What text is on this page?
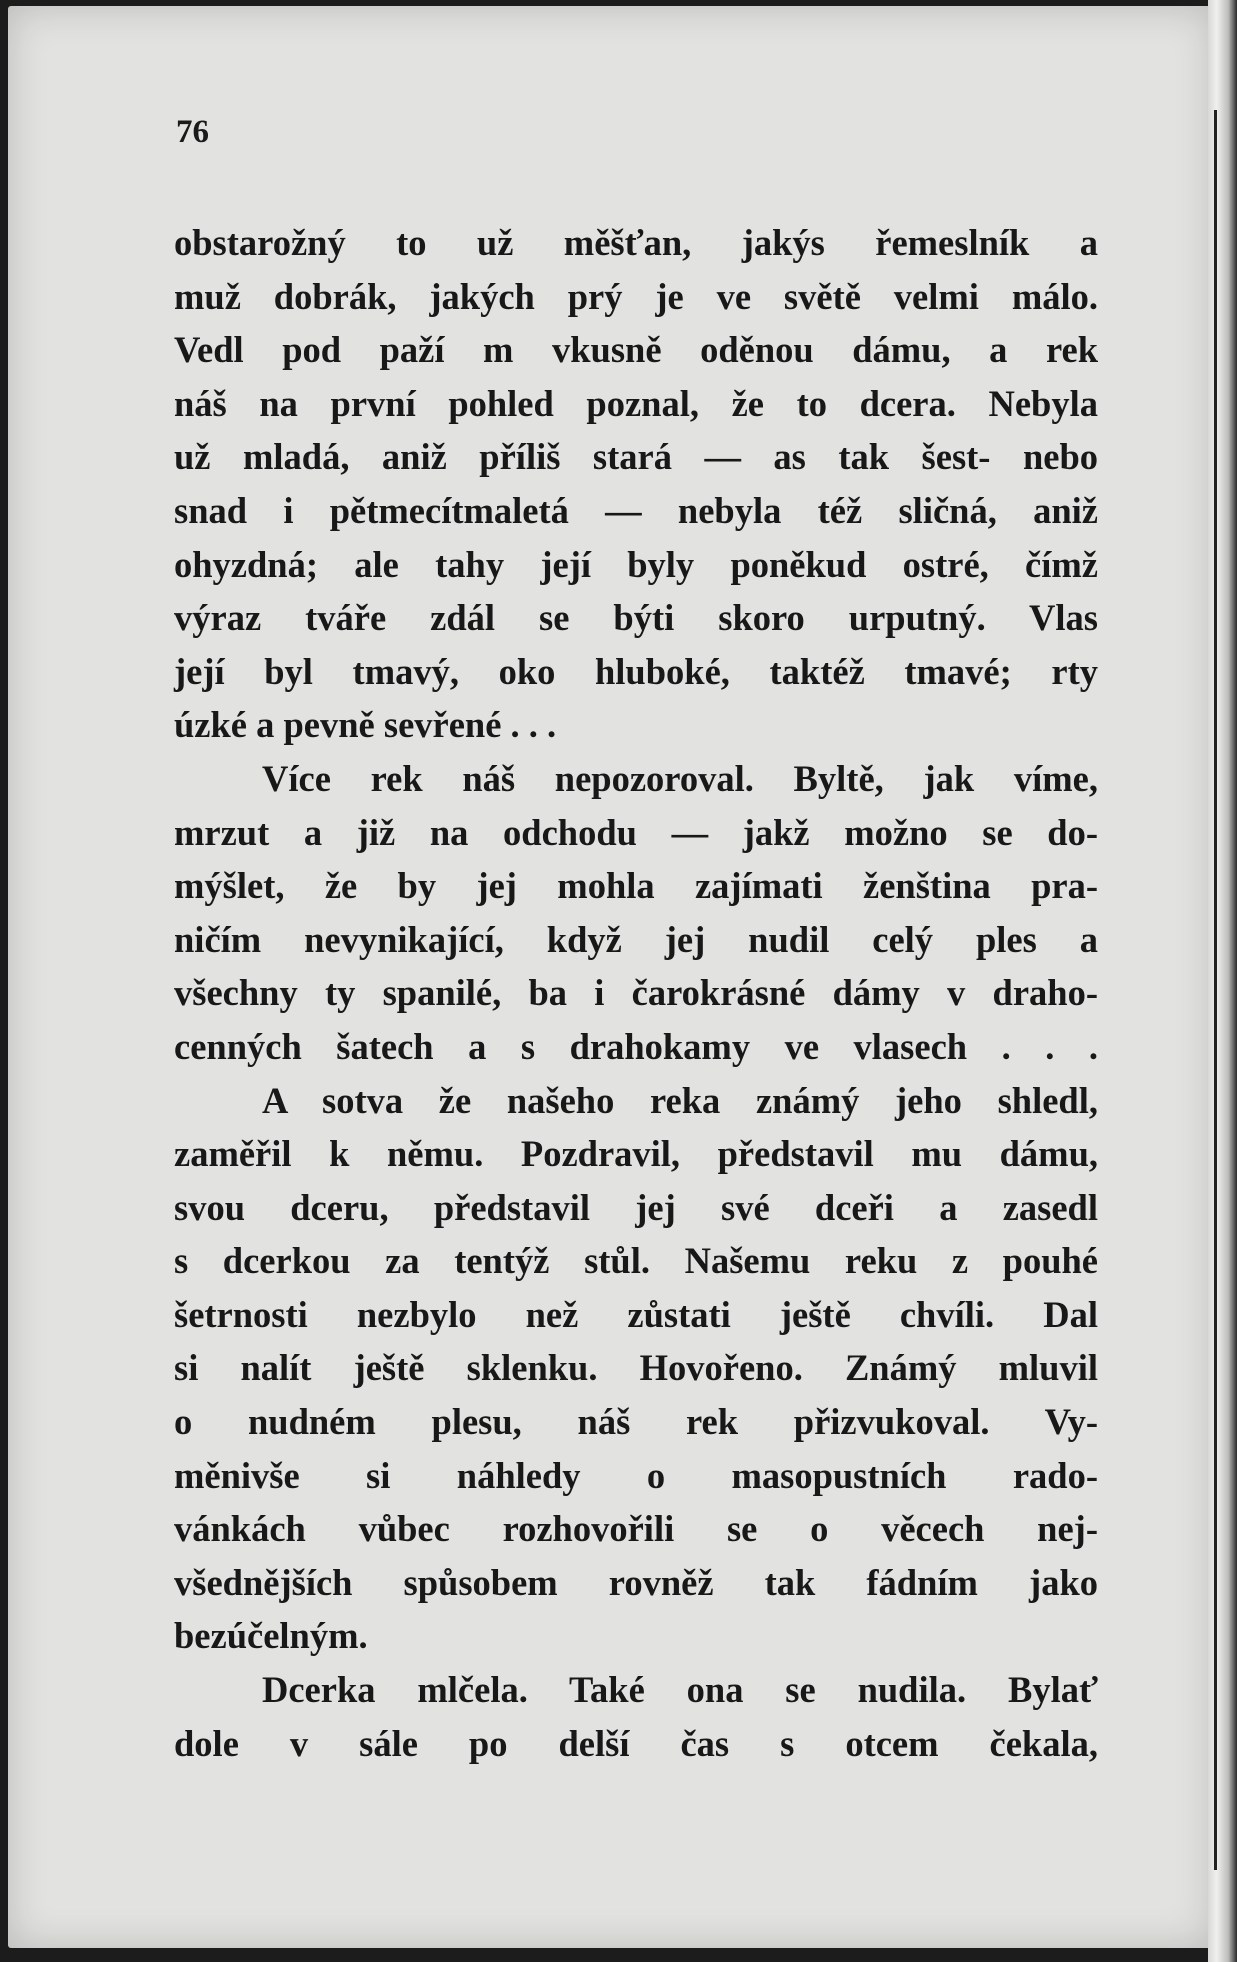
76
obstarožný to už měšťan, jakýs řemeslník a
muž dobrák, jakých prý je ve světě velmi málo.
Vedl pod paží m vkusně oděnou dámu, a rek
náš na první pohled poznal, že to dcera. Nebyla
už mladá, aniž příliš stará — as tak šest- nebo
snad i pětmecítmaletá — nebyla též sličná, aniž
ohyzdná; ale tahy její byly poněkud ostré, čímž
výraz tváře zdál se býti skoro urputný. Vlas
její byl tmavý, oko hluboké, taktéž tmavé; rty
úzké a pevně sevřené . . .
Více rek náš nepozoroval. Byltě, jak víme,
mrzut a již na odchodu — jakž možno se do-
mýšlet, že by jej mohla zajímati ženština pra-
ničím nevynikající, když jej nudil celý ples a
všechny ty spanilé, ba i čarokrásné dámy v draho-
cenných šatech a s drahokamy ve vlasech . . .
A sotva že našeho reka známý jeho shledl,
zaměřil k němu. Pozdravil, představil mu dámu,
svou dceru, představil jej své dceři a zasedl
s dcerkou za tentýž stůl. Našemu reku z pouhé
šetrnosti nezbylo než zůstati ještě chvíli. Dal
si nalít ještě sklenku. Hovořeno. Známý mluvil
o nudném plesu, náš rek přizvukoval. Vy-
měnivše si náhledy o masopustních rado-
vánkách vůbec rozhovořili se o věcech nej-
všednějších spůsobem rovněž tak fádním jako
bezúčelným.
Dcerka mlčela. Také ona se nudila. Bylať
dole v sále po delší čas s otcem čekala,
